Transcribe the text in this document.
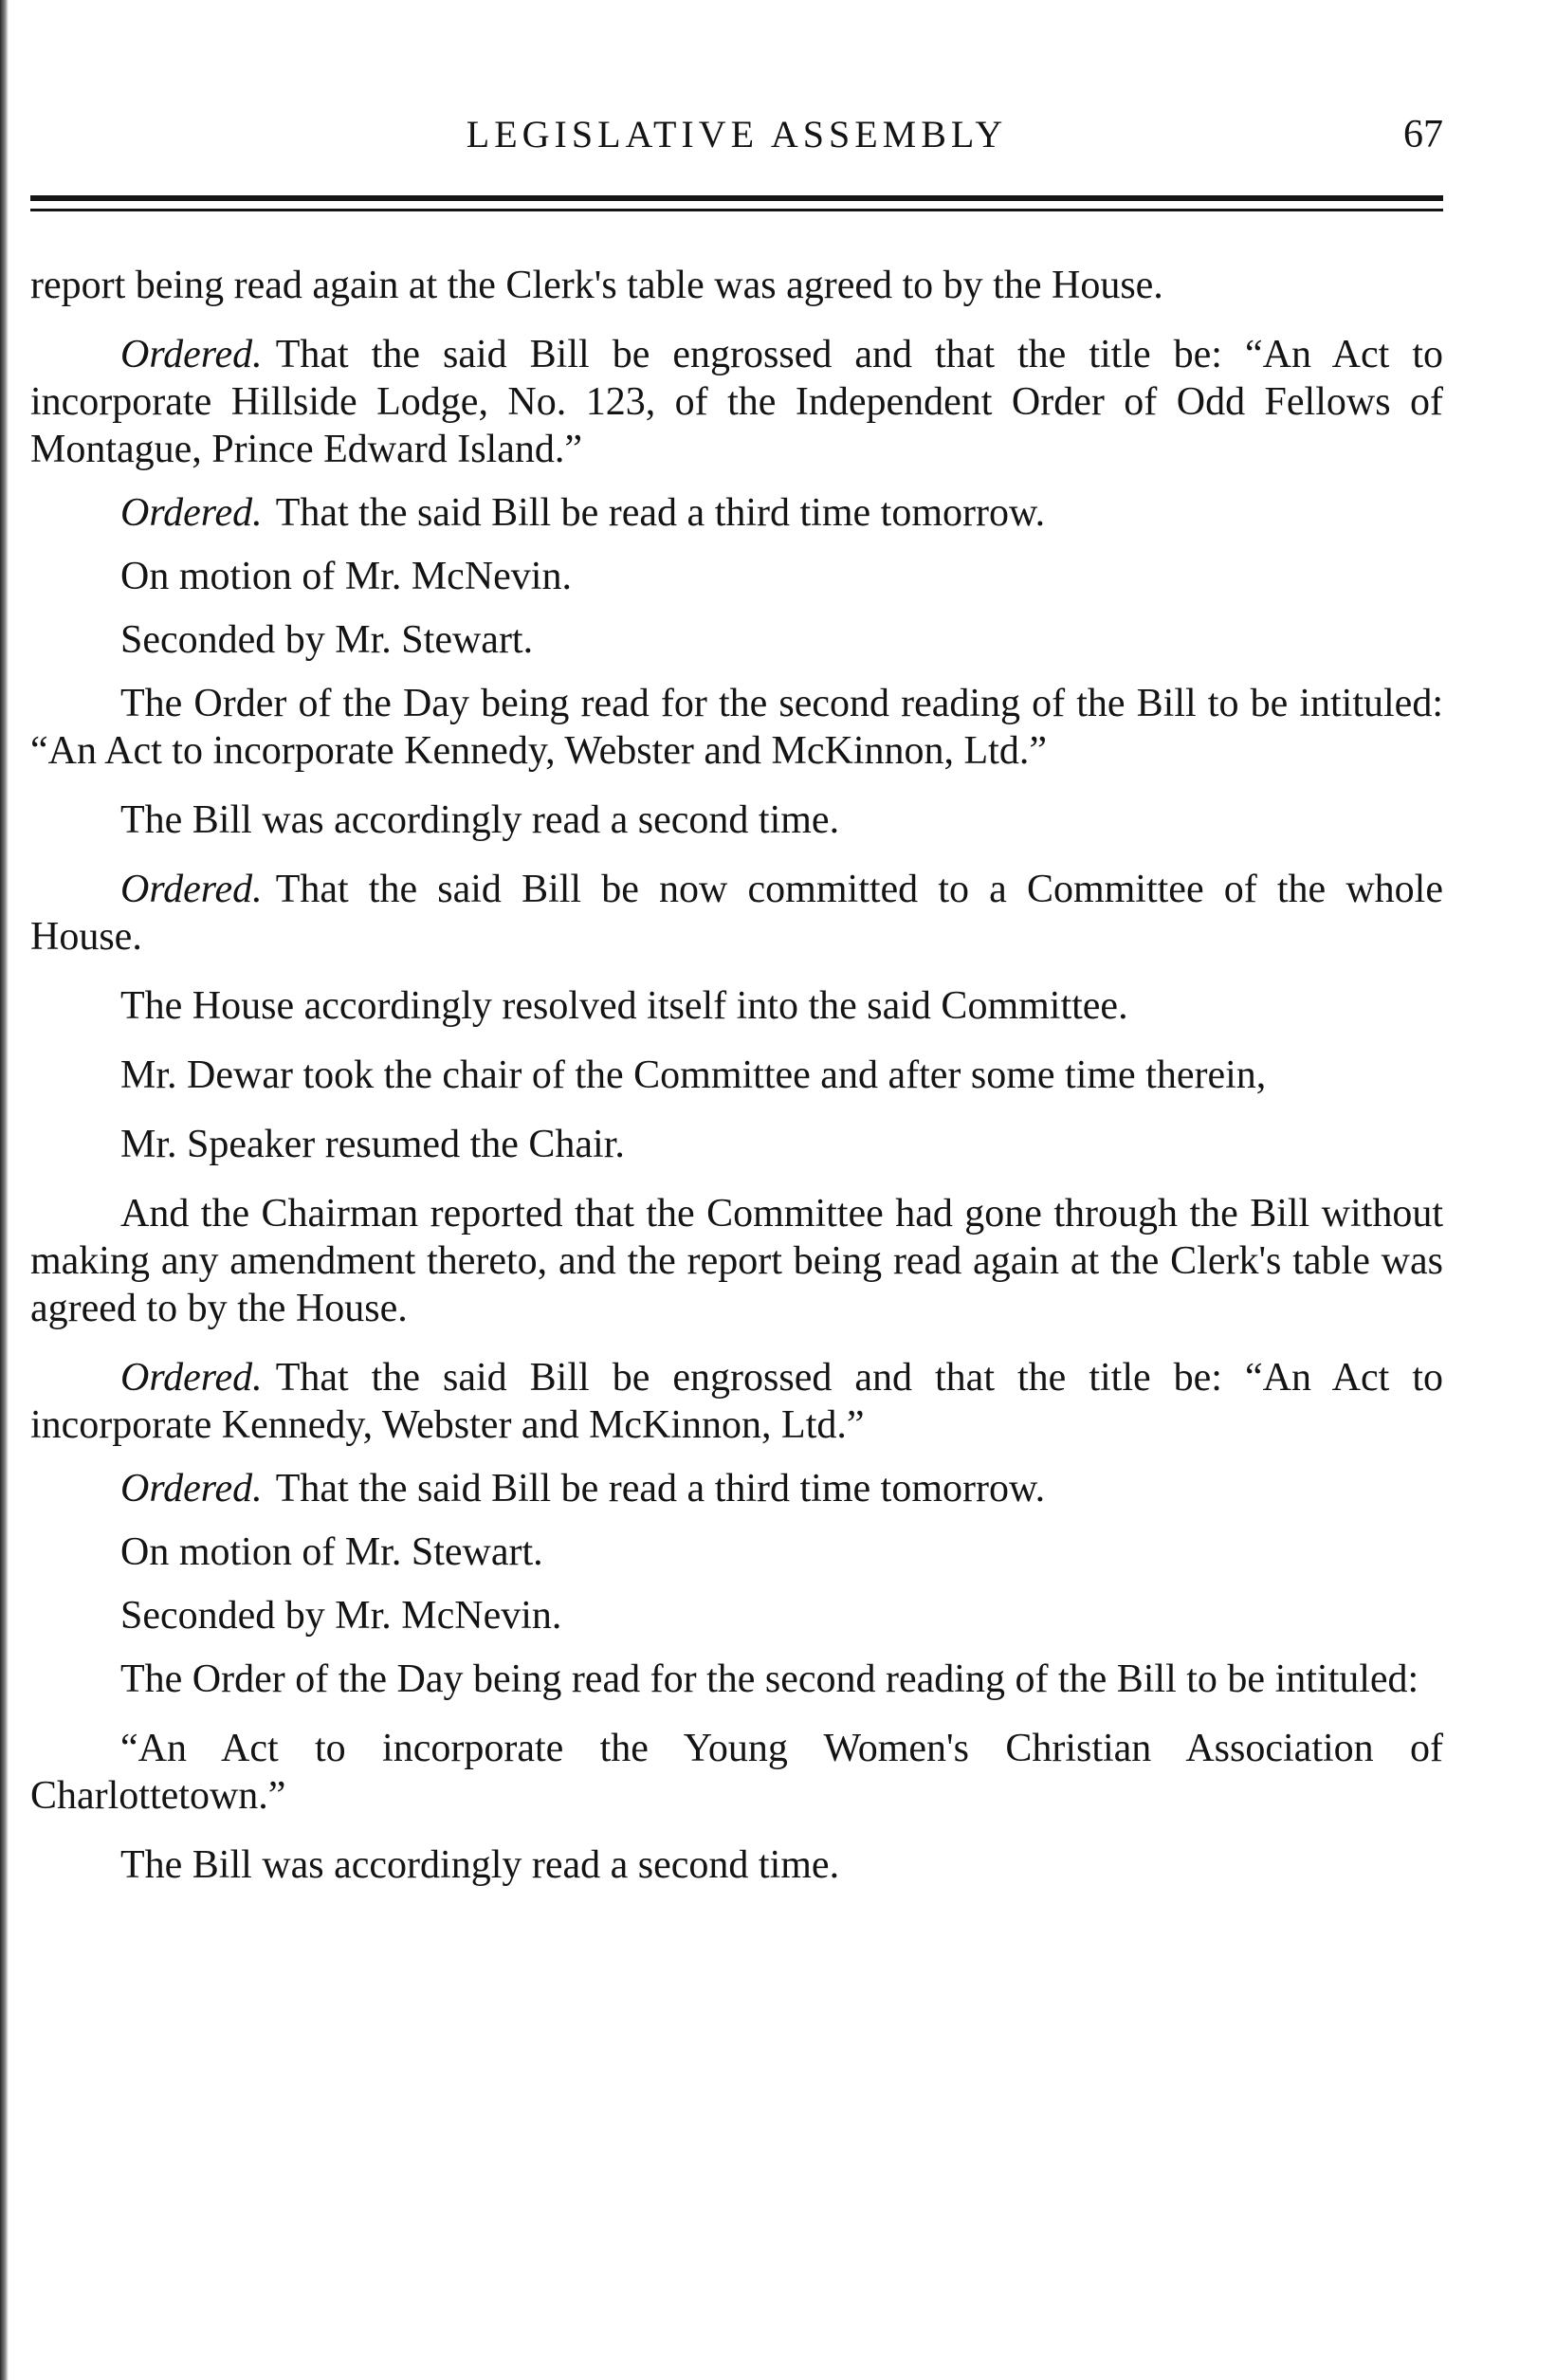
LEGISLATIVE ASSEMBLY	67

report being read again at the Clerk's table was agreed to by the House.

Ordered. That the said Bill be engrossed and that the title be: “An Act to incorporate Hillside Lodge, No. 123, of the Independent Order of Odd Fellows of Montague, Prince Edward Island.”

Ordered. That the said Bill be read a third time tomorrow.

On motion of Mr. McNevin.

Seconded by Mr. Stewart.

The Order of the Day being read for the second reading of the Bill to be intituled: “An Act to incorporate Kennedy, Webster and McKinnon, Ltd.”

The Bill was accordingly read a second time.

Ordered. That the said Bill be now committed to a Committee of the whole House.

The House accordingly resolved itself into the said Committee.

Mr. Dewar took the chair of the Committee and after some time therein,

Mr. Speaker resumed the Chair.

And the Chairman reported that the Committee had gone through the Bill without making any amendment thereto, and the report being read again at the Clerk's table was agreed to by the House.

Ordered. That the said Bill be engrossed and that the title be: “An Act to incorporate Kennedy, Webster and McKinnon, Ltd.”

Ordered. That the said Bill be read a third time tomorrow.

On motion of Mr. Stewart.

Seconded by Mr. McNevin.

The Order of the Day being read for the second reading of the Bill to be intituled:

“An Act to incorporate the Young Women's Christian Association of Charlottetown.”

The Bill was accordingly read a second time.
